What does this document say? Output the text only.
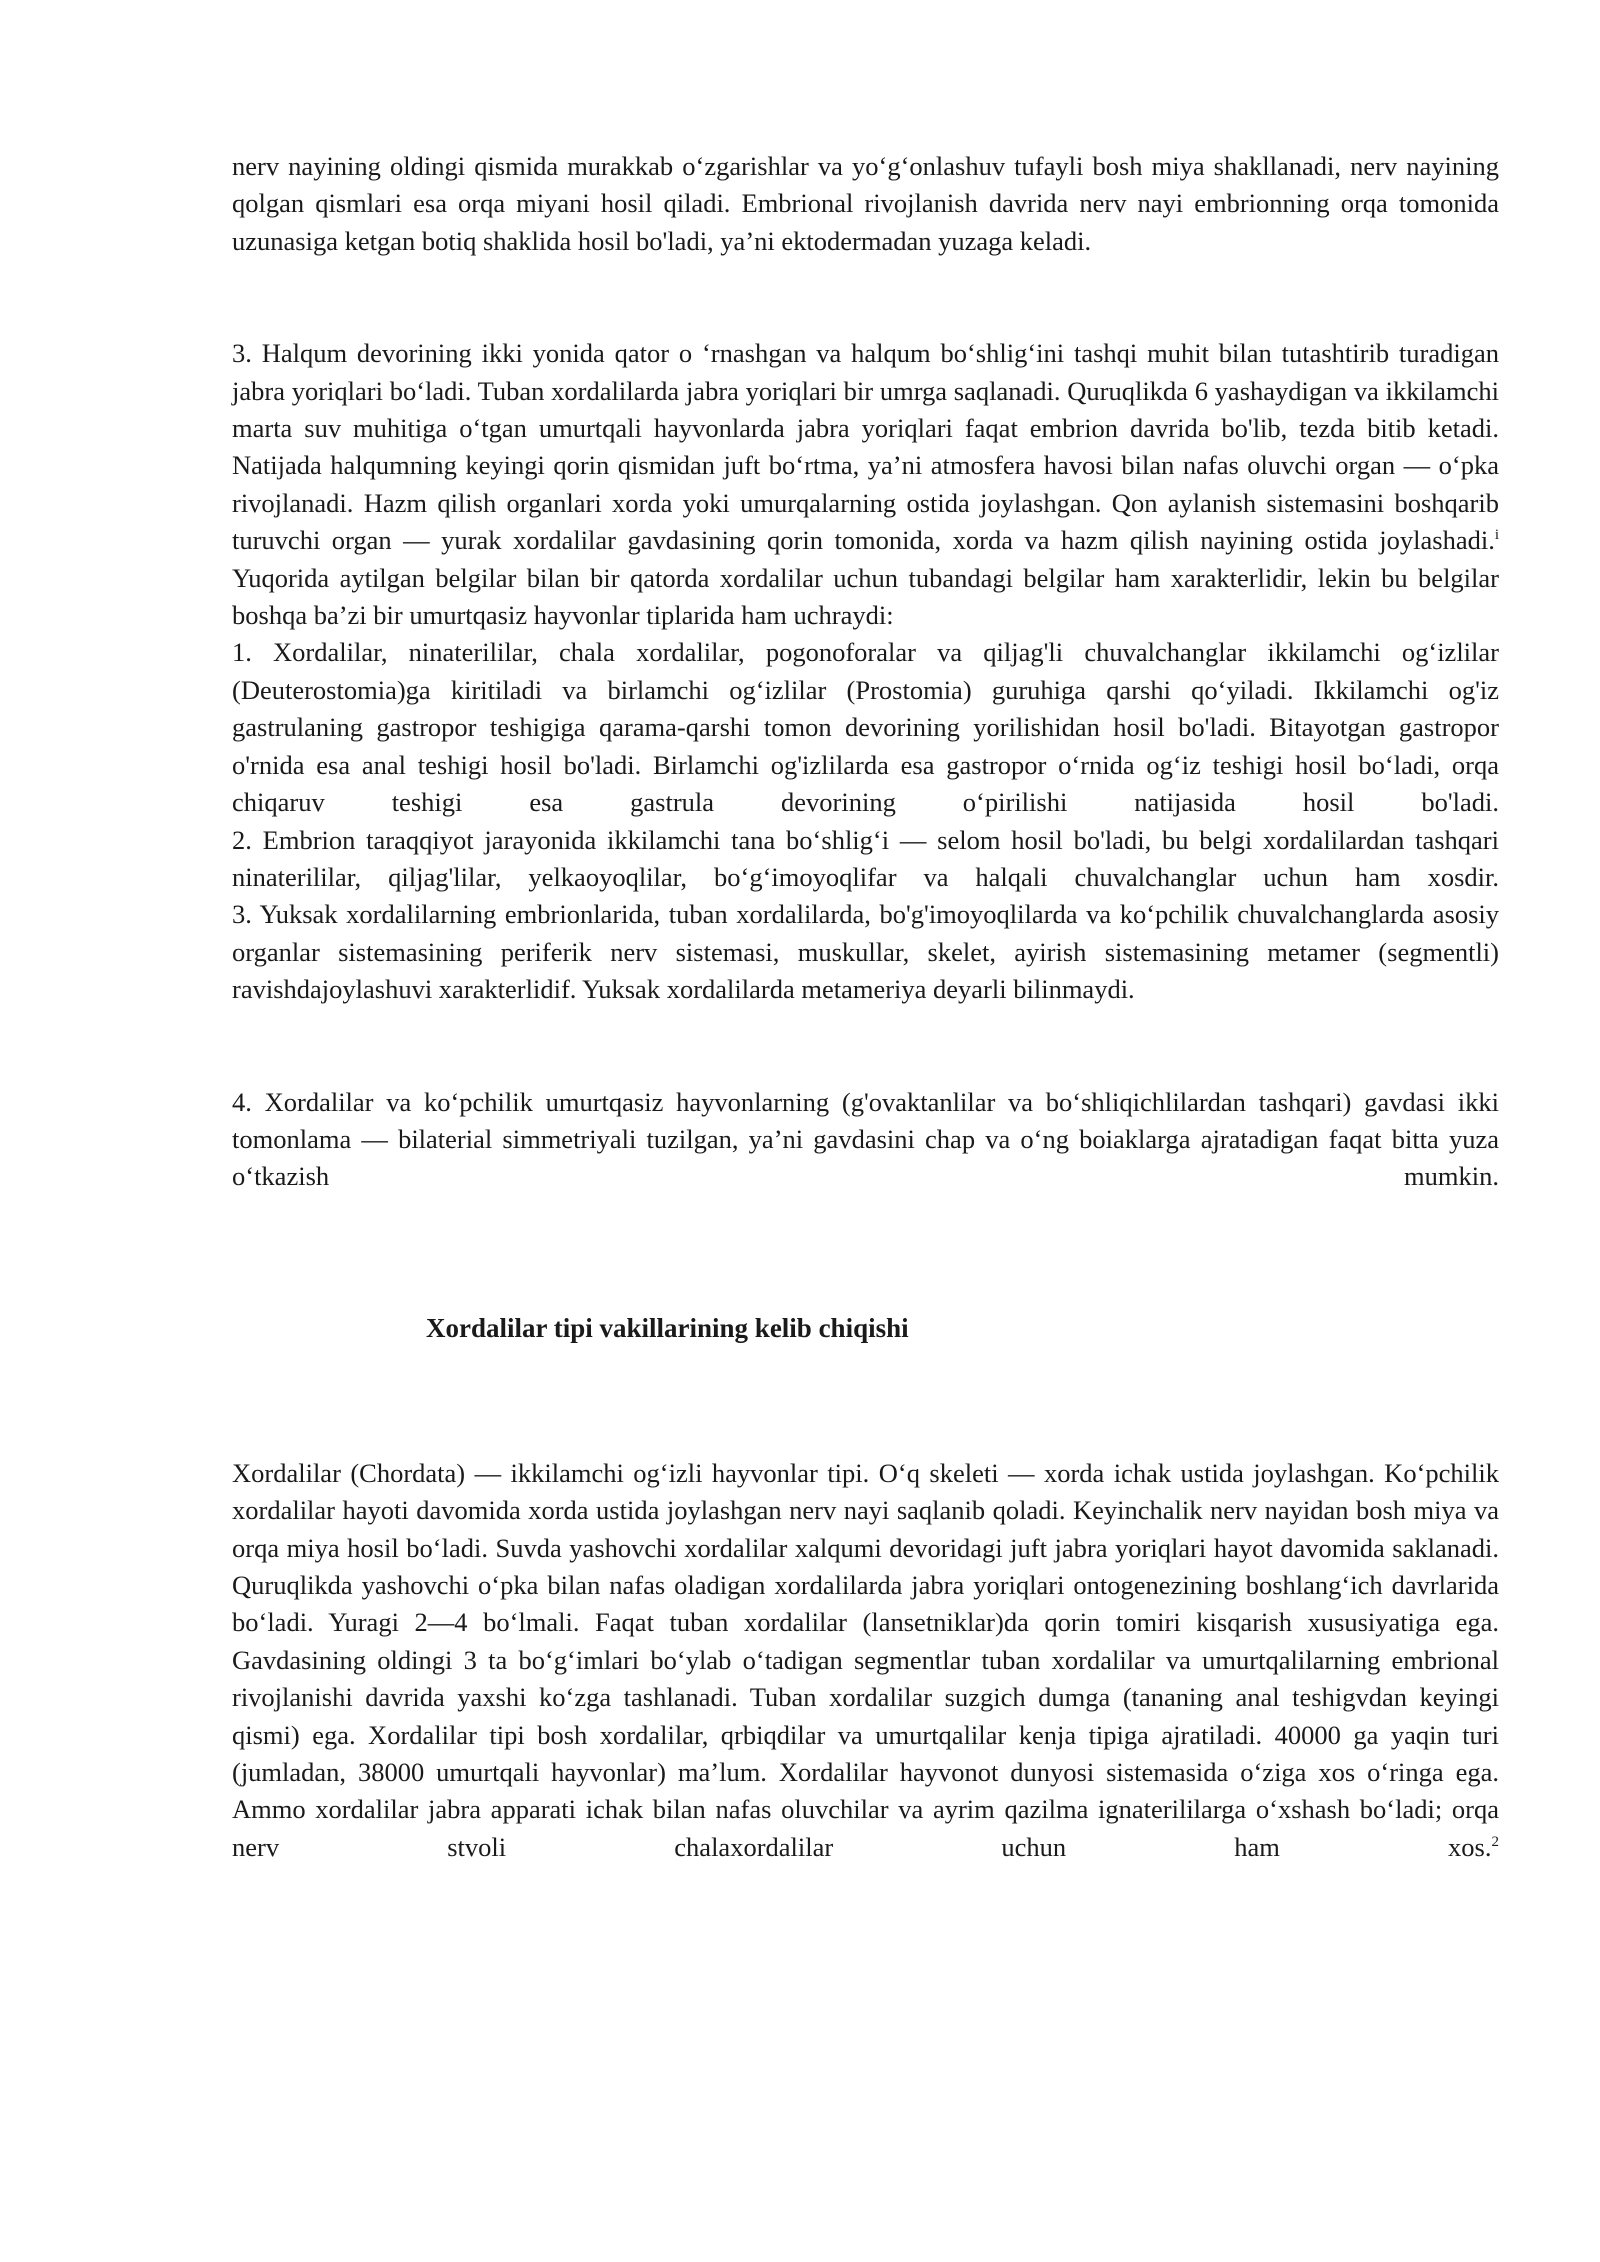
nerv nayining oldingi qismida murakkab o‘zgarishlar va yo‘g‘onlashuv tufayli bosh miya shakllanadi, nerv nayining qolgan qismlari esa orqa miyani hosil qiladi. Embrional rivojlanish davrida nerv nayi embrionning orqa tomonida uzunasiga ketgan botiq shaklida hosil bo'ladi, ya’ni ektodermadan yuzaga keladi.

3. Halqum devorining ikki yonida qator o ‘rnashgan va halqum bo‘shlig‘ini tashqi muhit bilan tutashtirib turadigan jabra yoriqlari bo‘ladi. Tuban xordalilarda jabra yoriqlari bir umrga saqlanadi. Quruqlikda 6 yashaydigan va ikkilamchi marta suv muhitiga o‘tgan umurtqali hayvonlarda jabra yoriqlari faqat embrion davrida bo'lib, tezda bitib ketadi. Natijada halqumning keyingi qorin qismidan juft bo‘rtma, ya’ni atmosfera havosi bilan nafas oluvchi organ — o‘pka rivojlanadi. Hazm qilish organlari xorda yoki umurqalarning ostida joylashgan. Qon aylanish sistemasini boshqarib turuvchi organ — yurak xordalilar gavdasining qorin tomonida, xorda va hazm qilish nayining ostida joylashadi.$^i$

Yuqorida aytilgan belgilar bilan bir qatorda xordalilar uchun tubandagi belgilar ham xarakterlidir, lekin bu belgilar boshqa ba’zi bir umurtqasiz hayvonlar tiplarida ham uchraydi:

1. Xordalilar, ninaterililar, chala xordalilar, pogonoforalar va qiljag'li chuvalchanglar ikkilamchi og‘izlilar (Deuterostomia)ga kiritiladi va birlamchi og‘izlilar (Prostomia) guruhiga qarshi qo‘yiladi. Ikkilamchi og'iz gastrulaning gastropor teshigiga qarama-qarshi tomon devorining yorilishidan hosil bo'ladi. Bitayotgan gastropor o'rnida esa anal teshigi hosil bo'ladi. Birlamchi og'izlilarda esa gastropor o‘rnida og‘iz teshigi hosil bo‘ladi, orqa chiqaruv teshigi esa gastrula devorining o‘pirilishi natijasida hosil bo'ladi.

2. Embrion taraqqiyot jarayonida ikkilamchi tana bo‘shlig‘i — selom hosil bo'ladi, bu belgi xordalilardan tashqari ninaterililar, qiljag'lilar, yelkaoyoqlilar, bo‘g‘imoyoqlifar va halqali chuvalchanglar uchun ham xosdir.

3. Yuksak xordalilarning embrionlarida, tuban xordalilarda, bo'g'imoyoqlilarda va ko‘pchilik chuvalchanglarda asosiy organlar sistemasining periferik nerv sistemasi, muskullar, skelet, ayirish sistemasining metamer (segmentli) ravishdajoylashuvi xarakterlidif. Yuksak xordalilarda metameriya deyarli bilinmaydi.

4. Xordalilar va ko‘pchilik umurtqasiz hayvonlarning (g'ovaktanlilar va bo‘shliqichlilardan tashqari) gavdasi ikki tomonlama — bilaterial simmetriyali tuzilgan, ya’ni gavdasini chap va o‘ng boiaklarga ajratadigan faqat bitta yuza o‘tkazish mumkin.

Xordalilar tipi vakillarining kelib chiqishi

Xordalilar (Chordata) — ikkilamchi og‘izli hayvonlar tipi. O‘q skeleti — xorda ichak ustida joylashgan. Ko‘pchilik xordalilar hayoti davomida xorda ustida joylashgan nerv nayi saqlanib qoladi. Keyinchalik nerv nayidan bosh miya va orqa miya hosil bo‘ladi. Suvda yashovchi xordalilar xalqumi devoridagi juft jabra yoriqlari hayot davomida saklanadi. Quruqlikda yashovchi o‘pka bilan nafas oladigan xordalilarda jabra yoriqlari ontogenezining boshlang‘ich davrlarida bo‘ladi. Yuragi 2—4 bo‘lmali. Faqat tuban xordalilar (lansetniklar)da qorin tomiri kisqarish xususiyatiga ega. Gavdasining oldingi 3 ta bo‘g‘imlari bo‘ylab o‘tadigan segmentlar tuban xordalilar va umurtqalilarning embrional rivojlanishi davrida yaxshi ko‘zga tashlanadi. Tuban xordalilar suzgich dumga (tananing anal teshigvdan keyingi qismi) ega. Xordalilar tipi bosh xordalilar, qrbiqdilar va umurtqalilar kenja tipiga ajratiladi. 40000 ga yaqin turi (jumladan, 38000 umurtqali hayvonlar) ma’lum. Xordalilar hayvonot dunyosi sistemasida o‘ziga xos o‘ringa ega. Ammo xordalilar jabra apparati ichak bilan nafas oluvchilar va ayrim qazilma ignaterililarga o‘xshash bo‘ladi; orqa nerv stvoli chalaxordalilar uchun ham xos.$^2$
